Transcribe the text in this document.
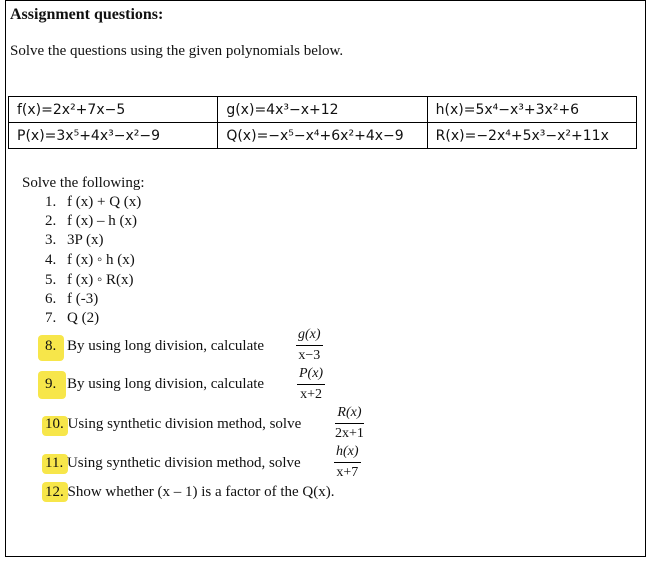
Assignment questions:
Solve the questions using the given polynomials below.
f(x)=2x²+7x−5	g(x)=4x³−x+12	h(x)=5x⁴−x³+3x²+6
P(x)=3x⁵+4x³−x²−9	Q(x)=−x⁵−x⁴+6x²+4x−9	R(x)=−2x⁴+5x³−x²+11x
Solve the following:
1. f (x) + Q (x)
2. f (x) – h (x)
3. 3P (x)
4. f (x) ◦ h (x)
5. f (x) ◦ R(x)
6. f (-3)
7. Q (2)
8. By using long division, calculate $\frac{g(x)}{x-3}$
9. By using long division, calculate $\frac{P(x)}{x+2}$
10. Using synthetic division method, solve $\frac{R(x)}{2x+1}$
11. Using synthetic division method, solve $\frac{h(x)}{x+7}$
12. Show whether (x – 1) is a factor of the Q(x).
